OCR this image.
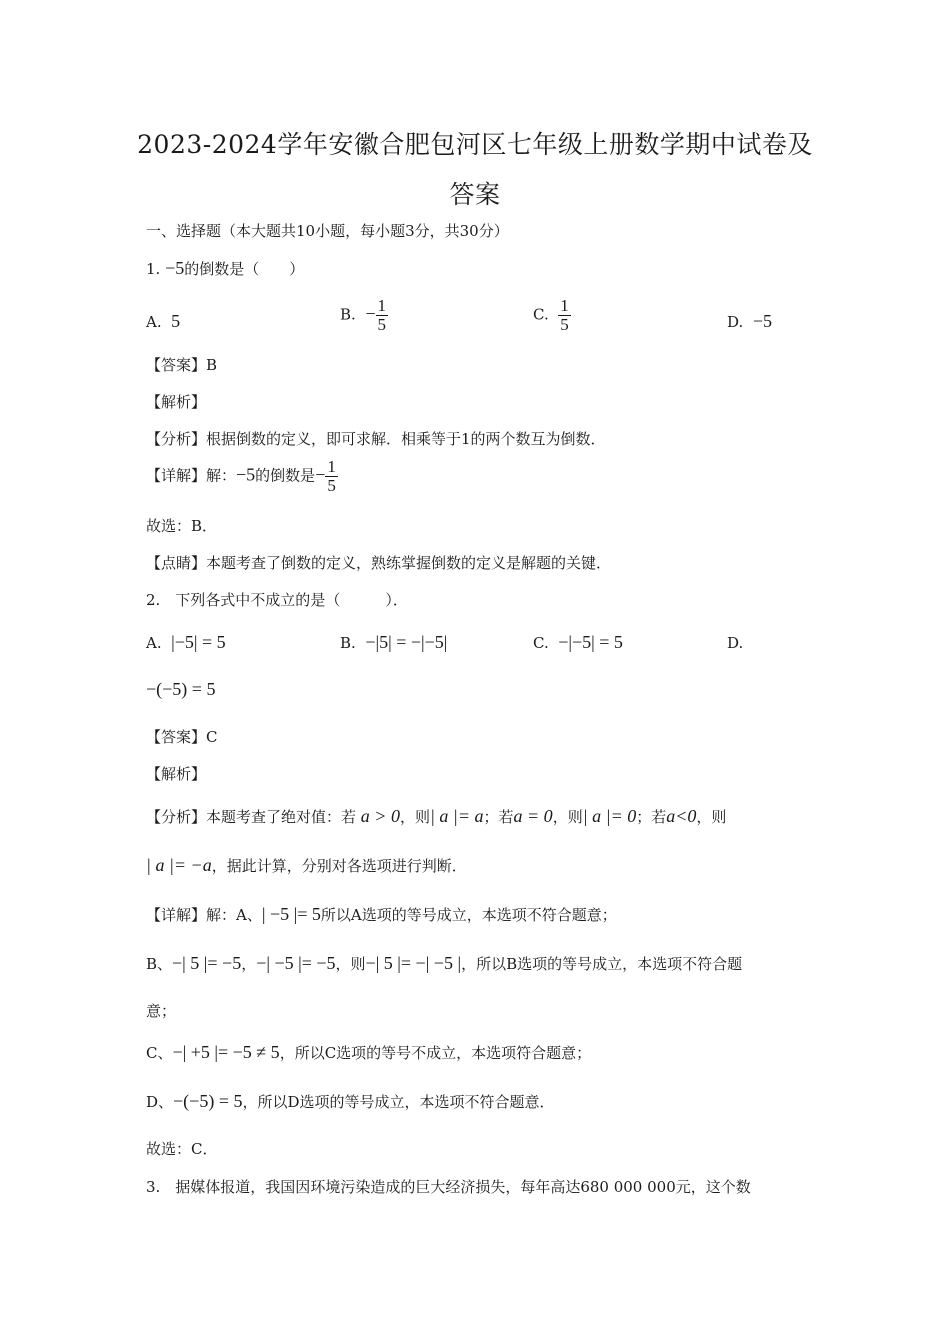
2023-2024学年安徽合肥包河区七年级上册数学期中试卷及
答案
一、选择题（本大题共10小题，每小题3分，共30分）
1. −5的倒数是（　　）
A. 5	B. − $\frac{1}{5}$	C. $\frac{1}{5}$	D. −5
【答案】B
【解析】
【分析】根据倒数的定义，即可求解．相乘等于1的两个数互为倒数．
【详解】解：−5的倒数是− $\frac{1}{5}$
故选：B．
【点睛】本题考查了倒数的定义，熟练掌握倒数的定义是解题的关键．
2.　下列各式中不成立的是（　　　）．
A. |−5| = 5	B. −|5| = −|−5|	C. −|−5| = 5	D.
−(−5) = 5
【答案】C
【解析】
【分析】本题考查了绝对值：若 a > 0，则| a |= a；若a = 0，则| a |= 0；若a<0，则
| a |= −a，据此计算，分别对各选项进行判断．
【详解】解：A、| −5 |= 5所以A选项的等号成立，本选项不符合题意；
B、−| 5 |= −5，−| −5 |= −5，则−| 5 |= −| −5 |，所以B选项的等号成立，本选项不符合题
意；
C、−| +5 |= −5 ≠ 5，所以C选项的等号不成立，本选项符合题意；
D、−(−5) = 5，所以D选项的等号成立，本选项不符合题意．
故选：C．
3.　据媒体报道，我国因环境污染造成的巨大经济损失，每年高达680 000 000元，这个数
